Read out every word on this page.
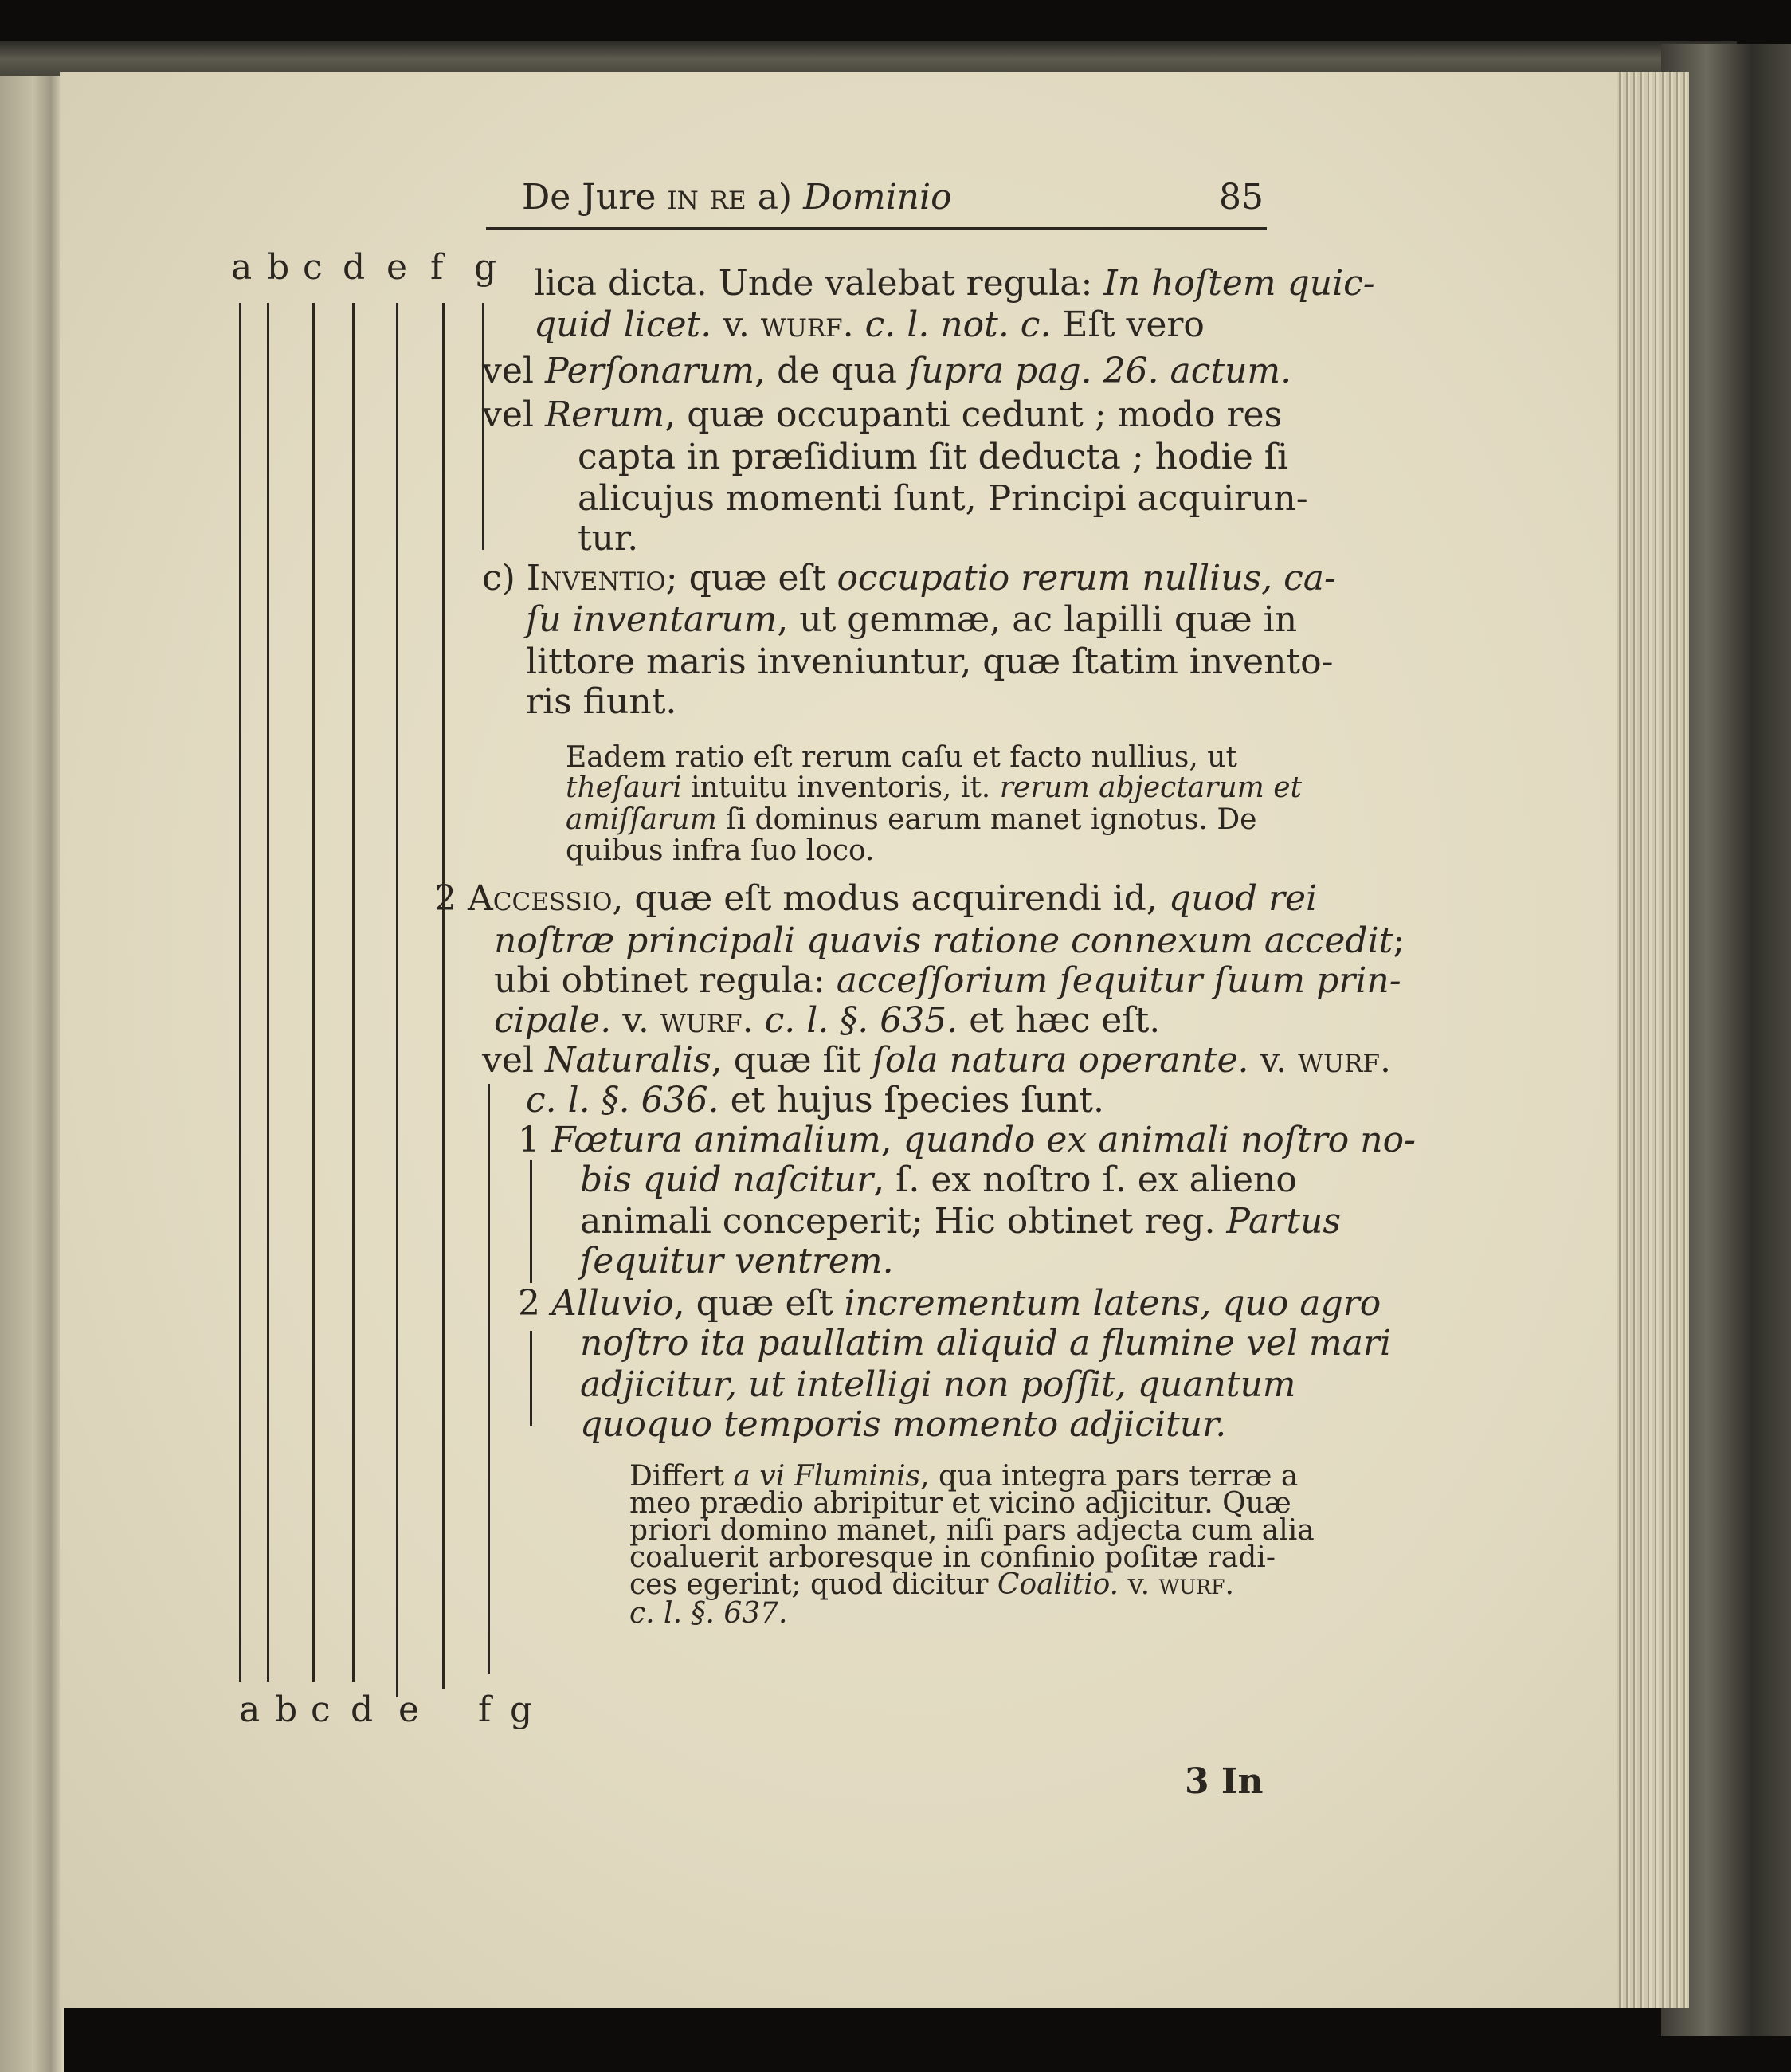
De Jure in re a) Dominio	85
a b c d e f g
a b c d e f g
lica dicta. Unde valebat regula: In hoſtem quic-
quid licet. v. wurf. c. l. not. c. Eſt vero
vel Perſonarum, de qua ſupra pag. 26. actum.
vel Rerum, quæ occupanti cedunt ; modo res
capta in præſidium ſit deducta ; hodie ſi
alicujus momenti ſunt, Principi acquirun-
tur.
c) Inventio; quæ eſt occupatio rerum nullius, ca-
ſu inventarum, ut gemmæ, ac lapilli quæ in
littore maris inveniuntur, quæ ſtatim invento-
ris fiunt.
Eadem ratio eſt rerum caſu et facto nullius, ut
theſauri intuitu inventoris, it. rerum abjectarum et
amiſſarum ſi dominus earum manet ignotus. De
quibus infra ſuo loco.
2 Accessio, quæ eſt modus acquirendi id, quod rei
noſtræ principali quavis ratione connexum accedit;
ubi obtinet regula: acceſſorium ſequitur ſuum prin-
cipale. v. wurf. c. l. §. 635. et hæc eſt.
vel Naturalis, quæ ſit ſola natura operante. v. wurf.
c. l. §. 636. et hujus ſpecies ſunt.
1 Fœtura animalium, quando ex animali noſtro no-
bis quid naſcitur, ſ. ex noſtro ſ. ex alieno
animali conceperit; Hic obtinet reg. Partus
ſequitur ventrem.
2 Alluvio, quæ eſt incrementum latens, quo agro
noſtro ita paullatim aliquid a flumine vel mari
adjicitur, ut intelligi non poſſit, quantum
quoquo temporis momento adjicitur.
Differt a vi Fluminis, qua integra pars terræ a
meo prædio abripitur et vicino adjicitur. Quæ
priori domino manet, niſi pars adjecta cum alia
coaluerit arboresque in confinio poſitæ radi-
ces egerint; quod dicitur Coalitio. v. wurf.
c. l. §. 637.
3 In
